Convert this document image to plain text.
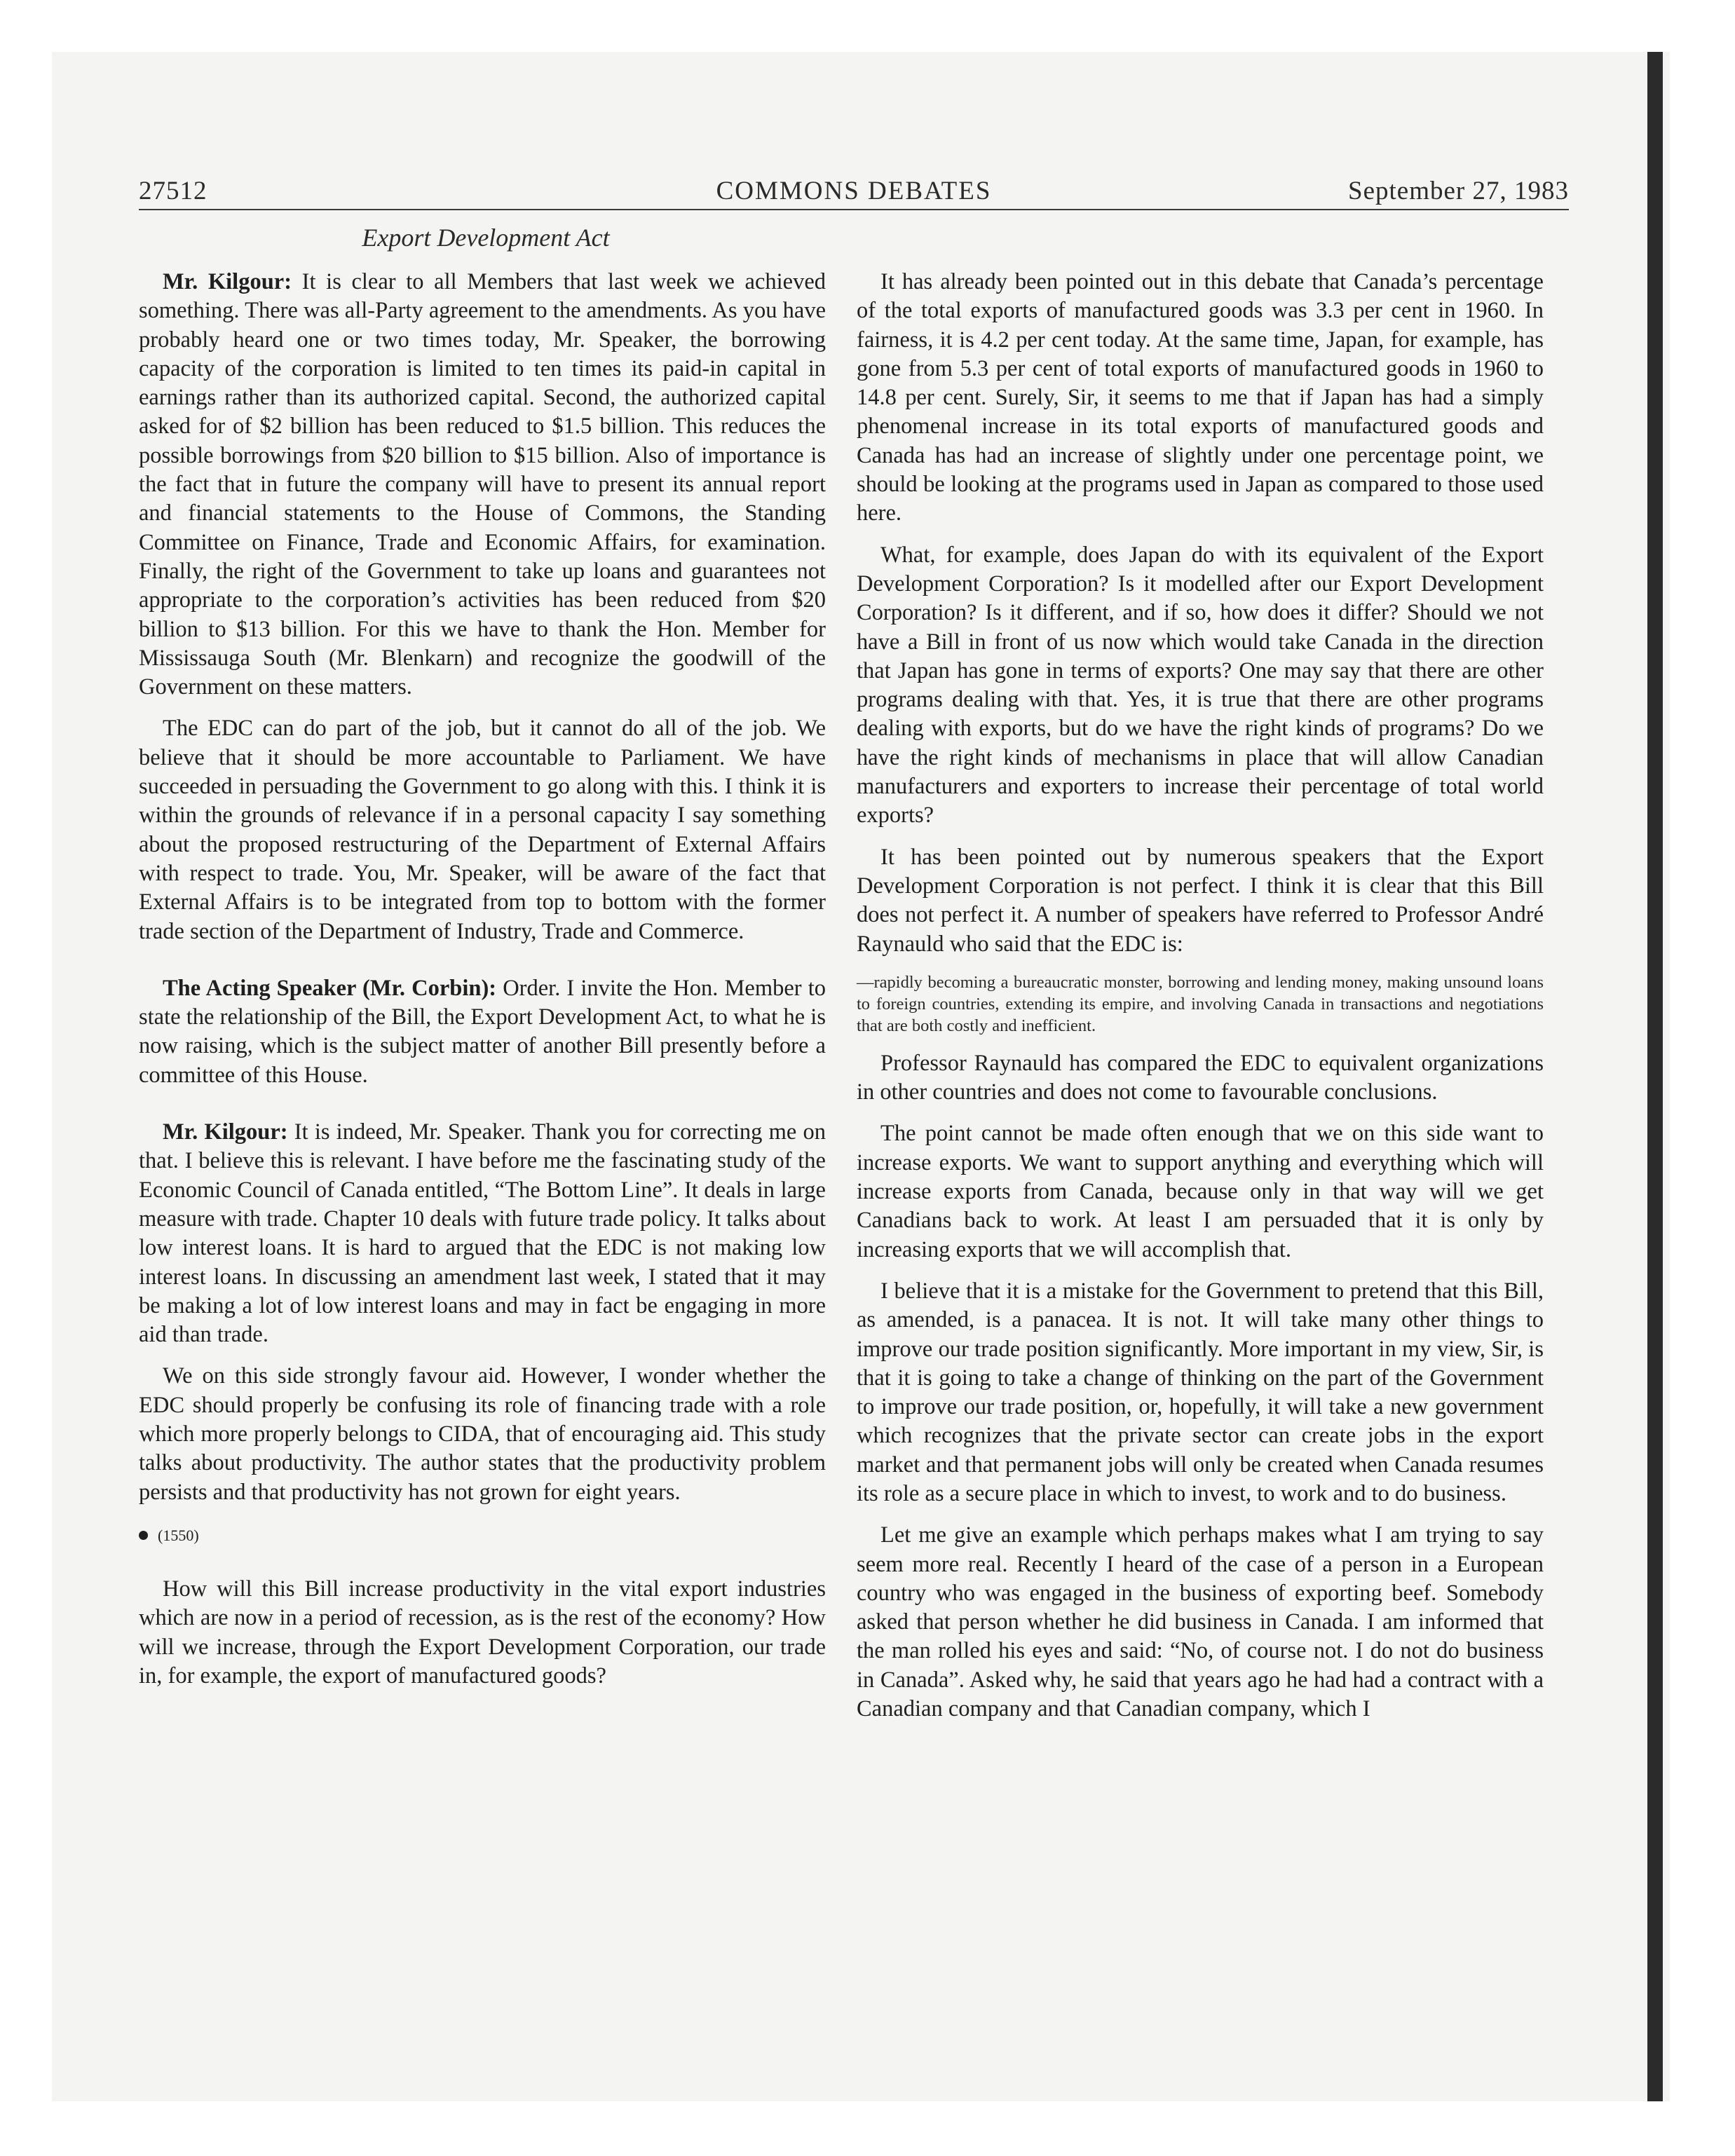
27512	COMMONS DEBATES	September 27, 1983
Export Development Act

Mr. Kilgour: It is clear to all Members that last week we achieved something. There was all-Party agreement to the amendments. As you have probably heard one or two times today, Mr. Speaker, the borrowing capacity of the corporation is limited to ten times its paid-in capital in earnings rather than its authorized capital. Second, the authorized capital asked for of $2 billion has been reduced to $1.5 billion. This reduces the possible borrowings from $20 billion to $15 billion. Also of importance is the fact that in future the company will have to present its annual report and financial statements to the House of Commons, the Standing Committee on Finance, Trade and Economic Affairs, for examination. Finally, the right of the Government to take up loans and guarantees not appropriate to the corporation’s activities has been reduced from $20 billion to $13 billion. For this we have to thank the Hon. Member for Mississauga South (Mr. Blenkarn) and recognize the goodwill of the Government on these matters.

The EDC can do part of the job, but it cannot do all of the job. We believe that it should be more accountable to Parliament. We have succeeded in persuading the Government to go along with this. I think it is within the grounds of relevance if in a personal capacity I say something about the proposed restructuring of the Department of External Affairs with respect to trade. You, Mr. Speaker, will be aware of the fact that External Affairs is to be integrated from top to bottom with the former trade section of the Department of Industry, Trade and Commerce.

The Acting Speaker (Mr. Corbin): Order. I invite the Hon. Member to state the relationship of the Bill, the Export Development Act, to what he is now raising, which is the subject matter of another Bill presently before a committee of this House.

Mr. Kilgour: It is indeed, Mr. Speaker. Thank you for correcting me on that. I believe this is relevant. I have before me the fascinating study of the Economic Council of Canada entitled, “The Bottom Line”. It deals in large measure with trade. Chapter 10 deals with future trade policy. It talks about low interest loans. It is hard to argued that the EDC is not making low interest loans. In discussing an amendment last week, I stated that it may be making a lot of low interest loans and may in fact be engaging in more aid than trade.

We on this side strongly favour aid. However, I wonder whether the EDC should properly be confusing its role of financing trade with a role which more properly belongs to CIDA, that of encouraging aid. This study talks about productivity. The author states that the productivity problem persists and that productivity has not grown for eight years.

(1550)

How will this Bill increase productivity in the vital export industries which are now in a period of recession, as is the rest of the economy? How will we increase, through the Export Development Corporation, our trade in, for example, the export of manufactured goods?

It has already been pointed out in this debate that Canada’s percentage of the total exports of manufactured goods was 3.3 per cent in 1960. In fairness, it is 4.2 per cent today. At the same time, Japan, for example, has gone from 5.3 per cent of total exports of manufactured goods in 1960 to 14.8 per cent. Surely, Sir, it seems to me that if Japan has had a simply phenomenal increase in its total exports of manufactured goods and Canada has had an increase of slightly under one percentage point, we should be looking at the programs used in Japan as compared to those used here.

What, for example, does Japan do with its equivalent of the Export Development Corporation? Is it modelled after our Export Development Corporation? Is it different, and if so, how does it differ? Should we not have a Bill in front of us now which would take Canada in the direction that Japan has gone in terms of exports? One may say that there are other programs dealing with that. Yes, it is true that there are other programs dealing with exports, but do we have the right kinds of programs? Do we have the right kinds of mechanisms in place that will allow Canadian manufacturers and exporters to increase their percentage of total world exports?

It has been pointed out by numerous speakers that the Export Development Corporation is not perfect. I think it is clear that this Bill does not perfect it. A number of speakers have referred to Professor André Raynauld who said that the EDC is:

—rapidly becoming a bureaucratic monster, borrowing and lending money, making unsound loans to foreign countries, extending its empire, and involving Canada in transactions and negotiations that are both costly and inefficient.

Professor Raynauld has compared the EDC to equivalent organizations in other countries and does not come to favourable conclusions.

The point cannot be made often enough that we on this side want to increase exports. We want to support anything and everything which will increase exports from Canada, because only in that way will we get Canadians back to work. At least I am persuaded that it is only by increasing exports that we will accomplish that.

I believe that it is a mistake for the Government to pretend that this Bill, as amended, is a panacea. It is not. It will take many other things to improve our trade position significantly. More important in my view, Sir, is that it is going to take a change of thinking on the part of the Government to improve our trade position, or, hopefully, it will take a new government which recognizes that the private sector can create jobs in the export market and that permanent jobs will only be created when Canada resumes its role as a secure place in which to invest, to work and to do business.

Let me give an example which perhaps makes what I am trying to say seem more real. Recently I heard of the case of a person in a European country who was engaged in the business of exporting beef. Somebody asked that person whether he did business in Canada. I am informed that the man rolled his eyes and said: “No, of course not. I do not do business in Canada”. Asked why, he said that years ago he had had a contract with a Canadian company and that Canadian company, which I
